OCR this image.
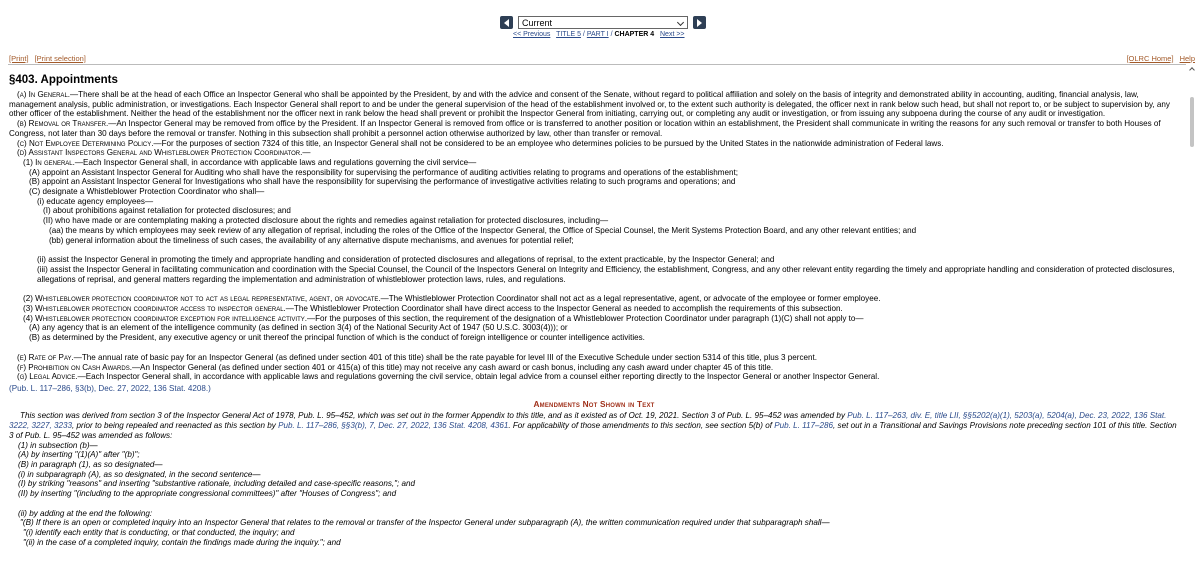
Current
<< Previous TITLE 5 / PART I / CHAPTER 4 Next >>
[Print] [Print selection]	[OLRC Home] Help
§403. Appointments

(a) In General.—There shall be at the head of each Office an Inspector General who shall be appointed by the President, by and with the advice and consent of the Senate, without regard to political affiliation and solely on the basis of integrity and demonstrated ability in accounting, auditing, financial analysis, law, management analysis, public administration, or investigations. Each Inspector General shall report to and be under the general supervision of the head of the establishment involved or, to the extent such authority is delegated, the officer next in rank below such head, but shall not report to, or be subject to supervision by, any other officer of the establishment. Neither the head of the establishment nor the officer next in rank below the head shall prevent or prohibit the Inspector General from initiating, carrying out, or completing any audit or investigation, or from issuing any subpoena during the course of any audit or investigation.

(b) Removal or Transfer.—An Inspector General may be removed from office by the President. If an Inspector General is removed from office or is transferred to another position or location within an establishment, the President shall communicate in writing the reasons for any such removal or transfer to both Houses of Congress, not later than 30 days before the removal or transfer. Nothing in this subsection shall prohibit a personnel action otherwise authorized by law, other than transfer or removal.

(c) Not Employee Determining Policy.—For the purposes of section 7324 of this title, an Inspector General shall not be considered to be an employee who determines policies to be pursued by the United States in the nationwide administration of Federal laws.

(d) Assistant Inspectors General and Whistleblower Protection Coordinator.—

(1) In general.—Each Inspector General shall, in accordance with applicable laws and regulations governing the civil service—

(A) appoint an Assistant Inspector General for Auditing who shall have the responsibility for supervising the performance of auditing activities relating to programs and operations of the establishment;

(B) appoint an Assistant Inspector General for Investigations who shall have the responsibility for supervising the performance of investigative activities relating to such programs and operations; and

(C) designate a Whistleblower Protection Coordinator who shall—

(i) educate agency employees—

(I) about prohibitions against retaliation for protected disclosures; and

(II) who have made or are contemplating making a protected disclosure about the rights and remedies against retaliation for protected disclosures, including—

(aa) the means by which employees may seek review of any allegation of reprisal, including the roles of the Office of the Inspector General, the Office of Special Counsel, the Merit Systems Protection Board, and any other relevant entities; and

(bb) general information about the timeliness of such cases, the availability of any alternative dispute mechanisms, and avenues for potential relief;

(ii) assist the Inspector General in promoting the timely and appropriate handling and consideration of protected disclosures and allegations of reprisal, to the extent practicable, by the Inspector General; and

(iii) assist the Inspector General in facilitating communication and coordination with the Special Counsel, the Council of the Inspectors General on Integrity and Efficiency, the establishment, Congress, and any other relevant entity regarding the timely and appropriate handling and consideration of protected disclosures, allegations of reprisal, and general matters regarding the implementation and administration of whistleblower protection laws, rules, and regulations.

(2) Whistleblower protection coordinator not to act as legal representative, agent, or advocate.—The Whistleblower Protection Coordinator shall not act as a legal representative, agent, or advocate of the employee or former employee.

(3) Whistleblower protection coordinator access to inspector general.—The Whistleblower Protection Coordinator shall have direct access to the Inspector General as needed to accomplish the requirements of this subsection.

(4) Whistleblower protection coordinator exception for intelligence activity.—For the purposes of this section, the requirement of the designation of a Whistleblower Protection Coordinator under paragraph (1)(C) shall not apply to—

(A) any agency that is an element of the intelligence community (as defined in section 3(4) of the National Security Act of 1947 (50 U.S.C. 3003(4))); or

(B) as determined by the President, any executive agency or unit thereof the principal function of which is the conduct of foreign intelligence or counter intelligence activities.

(e) Rate of Pay.—The annual rate of basic pay for an Inspector General (as defined under section 401 of this title) shall be the rate payable for level III of the Executive Schedule under section 5314 of this title, plus 3 percent.

(f) Prohibition on Cash Awards.—An Inspector General (as defined under section 401 or 415(a) of this title) may not receive any cash award or cash bonus, including any cash award under chapter 45 of this title.

(g) Legal Advice.—Each Inspector General shall, in accordance with applicable laws and regulations governing the civil service, obtain legal advice from a counsel either reporting directly to the Inspector General or another Inspector General.

(Pub. L. 117–286, §3(b), Dec. 27, 2022, 136 Stat. 4208.)

Amendments Not Shown in Text

This section was derived from section 3 of the Inspector General Act of 1978, Pub. L. 95–452, which was set out in the former Appendix to this title, and as it existed as of Oct. 19, 2021. Section 3 of Pub. L. 95–452 was amended by Pub. L. 117–263, div. E, title LII, §§5202(a)(1), 5203(a), 5204(a), Dec. 23, 2022, 136 Stat. 3222, 3227, 3233, prior to being repealed and reenacted as this section by Pub. L. 117–286, §§3(b), 7, Dec. 27, 2022, 136 Stat. 4208, 4361. For applicability of those amendments to this section, see section 5(b) of Pub. L. 117–286, set out in a Transitional and Savings Provisions note preceding section 101 of this title. Section 3 of Pub. L. 95–452 was amended as follows:

(1) in subsection (b)—

(A) by inserting "(1)(A)" after "(b)";

(B) in paragraph (1), as so designated—

(i) in subparagraph (A), as so designated, in the second sentence—

(I) by striking "reasons" and inserting "substantive rationale, including detailed and case-specific reasons,"; and

(II) by inserting "(including to the appropriate congressional committees)" after "Houses of Congress"; and

(ii) by adding at the end the following:

"(B) If there is an open or completed inquiry into an Inspector General that relates to the removal or transfer of the Inspector General under subparagraph (A), the written communication required under that subparagraph shall—

"(i) identify each entity that is conducting, or that conducted, the inquiry; and

"(ii) in the case of a completed inquiry, contain the findings made during the inquiry."; and
